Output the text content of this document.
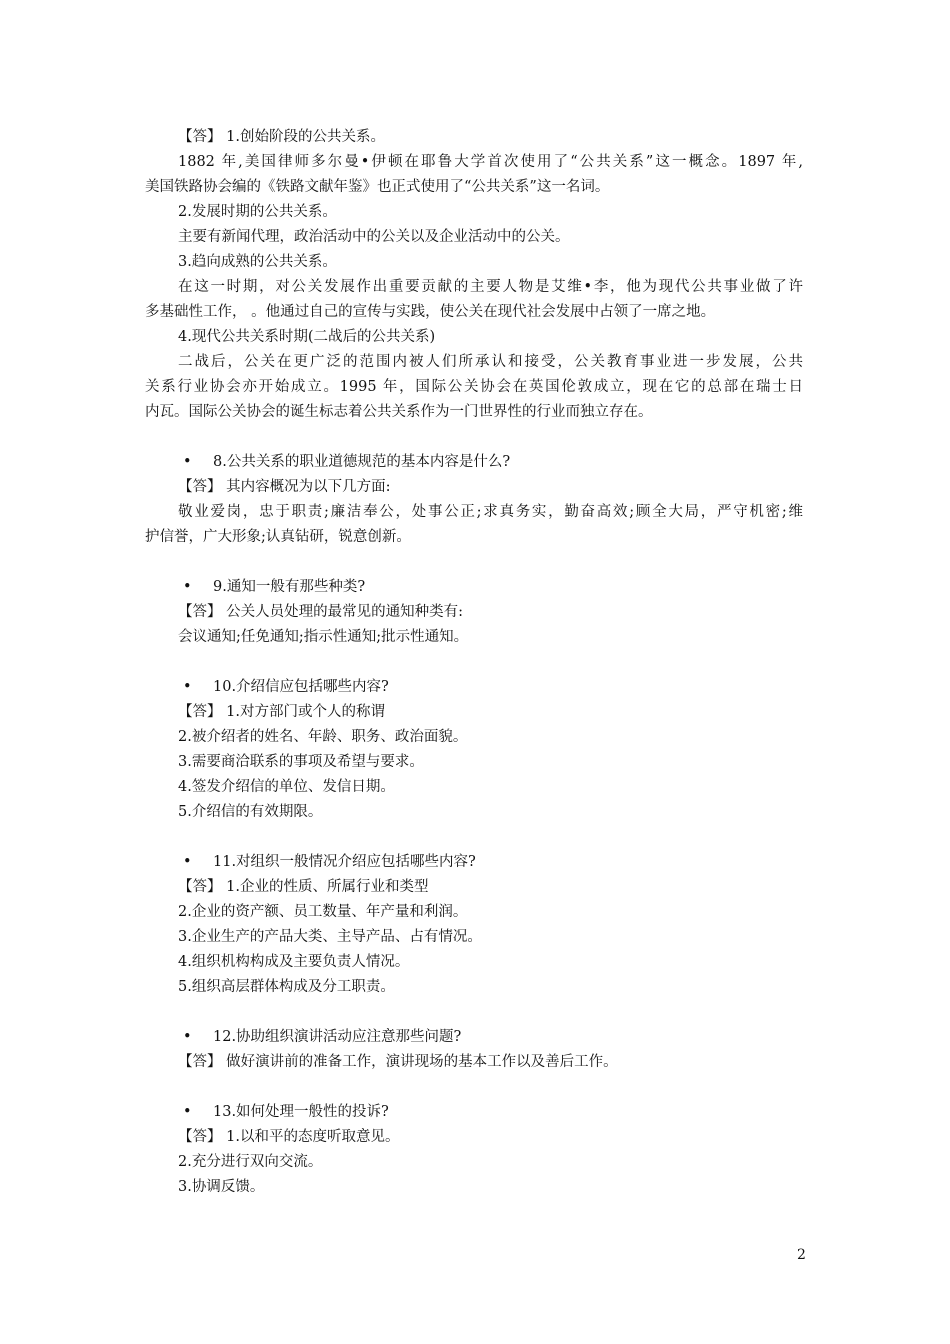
【答】 1.创始阶段的公共关系。
1882 年,美国律师多尔曼•伊顿在耶鲁大学首次使用了“公共关系”这一概念。1897 年,
美国铁路协会编的《铁路文献年鉴》也正式使用了“公共关系”这一名词。
2.发展时期的公共关系。
主要有新闻代理，政治活动中的公关以及企业活动中的公关。
3.趋向成熟的公共关系。
在这一时期，对公关发展作出重要贡献的主要人物是艾维•李，他为现代公共事业做了许
多基础性工作， 。他通过自己的宣传与实践，使公关在现代社会发展中占领了一席之地。
4.现代公共关系时期(二战后的公共关系)
二战后，公关在更广泛的范围内被人们所承认和接受，公关教育事业进一步发展，公共
关系行业协会亦开始成立。1995 年，国际公关协会在英国伦敦成立，现在它的总部在瑞士日
内瓦。国际公关协会的诞生标志着公共关系作为一门世界性的行业而独立存在。
• 8.公共关系的职业道德规范的基本内容是什么?
【答】 其内容概况为以下几方面:
敬业爱岗，忠于职责;廉洁奉公，处事公正;求真务实，勤奋高效;顾全大局，严守机密;维
护信誉，广大形象;认真钻研，锐意创新。
• 9.通知一般有那些种类?
【答】 公关人员处理的最常见的通知种类有:
会议通知;任免通知;指示性通知;批示性通知。
• 10.介绍信应包括哪些内容?
【答】 1.对方部门或个人的称谓
2.被介绍者的姓名、年龄、职务、政治面貌。
3.需要商洽联系的事项及希望与要求。
4.签发介绍信的单位、发信日期。
5.介绍信的有效期限。
• 11.对组织一般情况介绍应包括哪些内容?
【答】 1.企业的性质、所属行业和类型
2.企业的资产额、员工数量、年产量和利润。
3.企业生产的产品大类、主导产品、占有情况。
4.组织机构构成及主要负责人情况。
5.组织高层群体构成及分工职责。
• 12.协助组织演讲活动应注意那些问题?
【答】 做好演讲前的准备工作，演讲现场的基本工作以及善后工作。
• 13.如何处理一般性的投诉?
【答】 1.以和平的态度听取意见。
2.充分进行双向交流。
3.协调反馈。
2
